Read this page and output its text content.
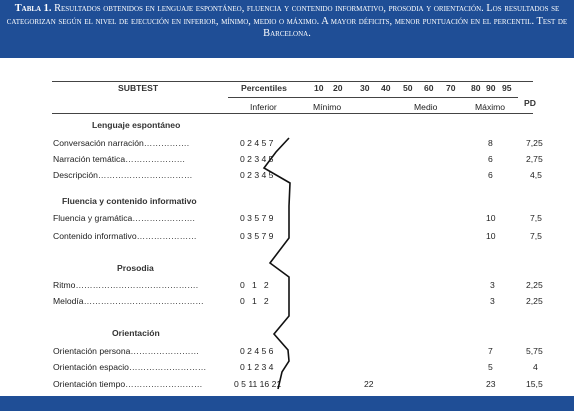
Tabla 1. Resultados obtenidos en lenguaje espontáneo, fluencia y contenido informativo, prosodia y orientación. Los resultados se categorizan según el nivel de ejecución en inferior, mínimo, medio o máximo. A mayor déficits, menor puntuación en el percentil. Test de Barcelona.
SUBTEST	Percentiles	10 20 30 40 50 60 70 80 90 95
PD
Inferior	Mínimo	Medio	Máximo
Lenguaje espontáneo
Fluencia y contenido informativo
Prosodia
Orientación
Conversación narración…………….	0 2 4 5 7	8	7,25
Narración temática…………………	0 2 3 4 5	6	2,75
Descripción……………………………	0 2 3 4 5	6	4,5
Fluencia y gramática………………….	0 3 5 7 9	10	7,5
Contenido informativo…………………	0 3 5 7 9	10	7,5
Ritmo…………………………………….	0   1   2	3	2,25
Melodía……………………………………	0   1   2	3	2,25
Orientación persona……………………	0 2 4 5 6	7	5,75
Orientación espacio………………………	0 1 2 3 4	5	4
Orientación tiempo………………………	0 5 11 16 21	22	23	15,5
